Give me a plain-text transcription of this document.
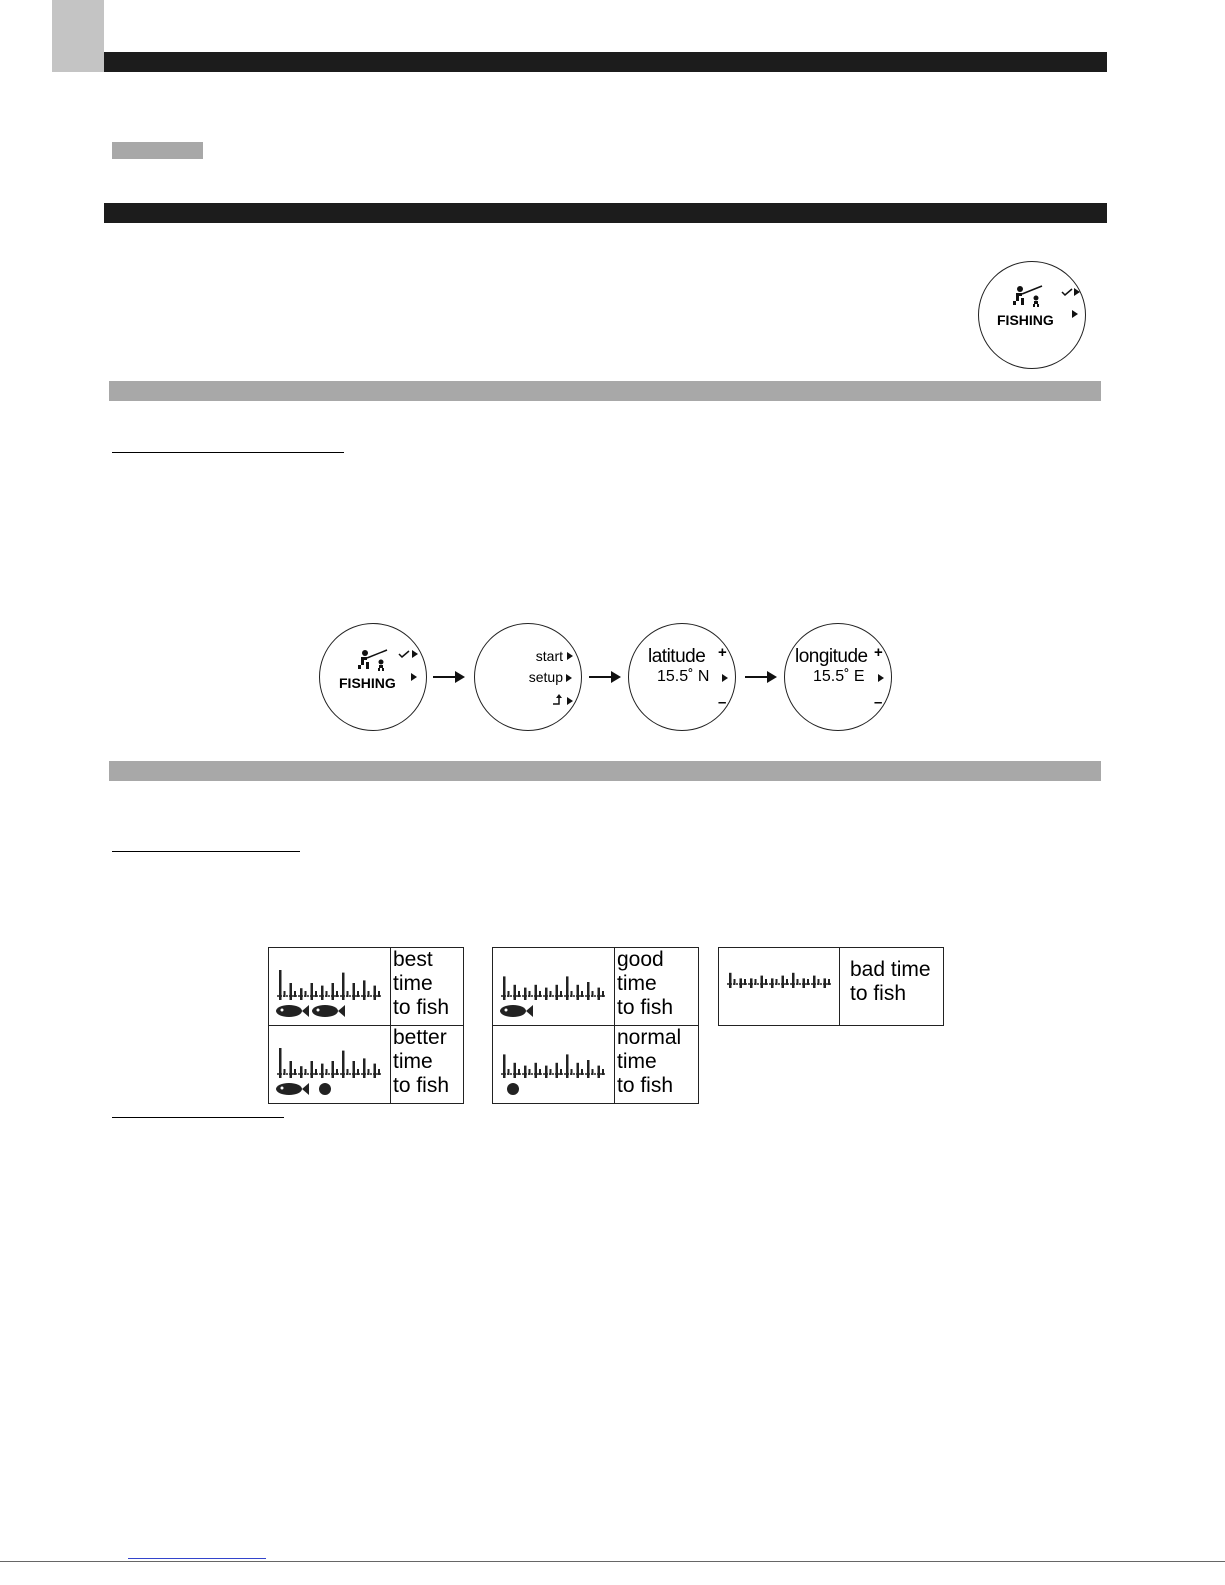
FISHING
FISHING
start
setup
latitude
15.5˚ N
+
–
longitude
15.5˚ E
+
–

best
time
to fish

better
time
to fish

good
time
to fish

normal
time
to fish

bad time
to fish
